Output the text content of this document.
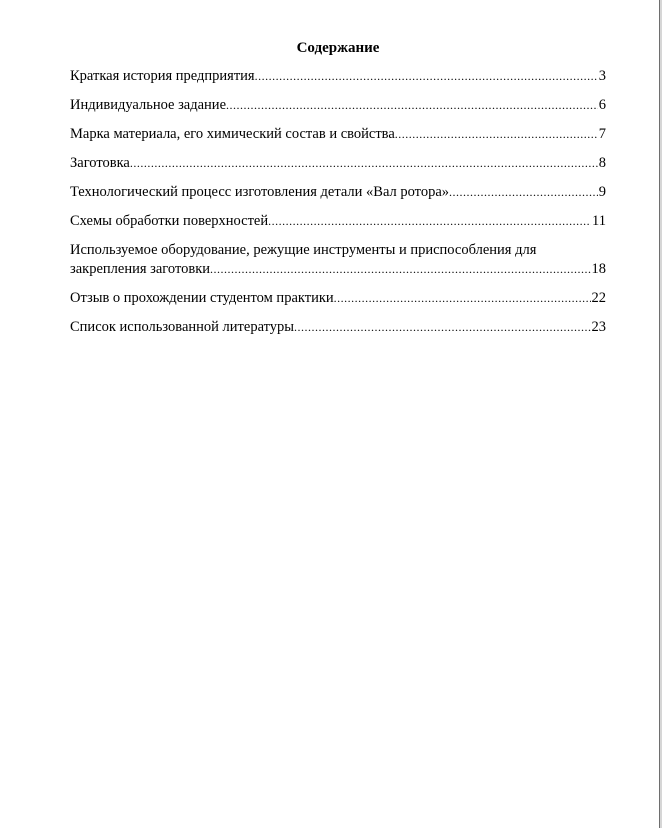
Содержание
Краткая история предприятия .....	3
Индивидуальное задание .....	6
Марка материала, его химический состав и свойства .....	7
Заготовка .....	8
Технологический процесс изготовления детали «Вал ротора» .....	9
Схемы обработки поверхностей .....	11
Используемое оборудование, режущие инструменты и приспособления для
закрепления заготовки .....	18
Отзыв о прохождении студентом практики .....	22
Список использованной литературы .....	23
